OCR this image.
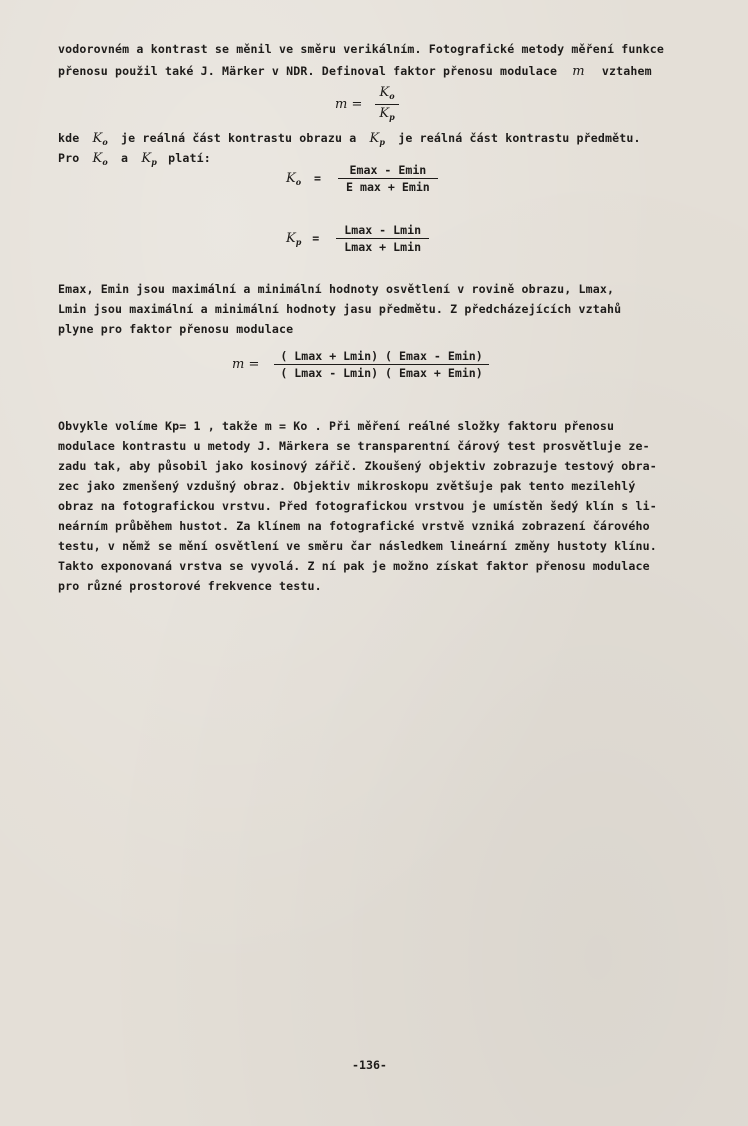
vodorovném a kontrast se měnil ve směru verikálním. Fotografické metody měření funkce
přenosu použil také J. Märker v NDR. Definoval faktor přenosu modulace m vztahem
$m = \frac{K_o}{K_p}$
kde $K_o$ je reálná část kontrastu obrazu a $K_p$ je reálná část kontrastu předmětu.
Pro $K_o$ a $K_p$ platí:
$K_o = \frac{Emax - Emin}{\text{E max + Emin}}$
$K_p = \frac{Lmax - Lmin}{Lmax + Lmin}$
Emax, Emin jsou maximální a minimální hodnoty osvětlení v rovině obrazu, Lmax,
Lmin jsou maximální a minimální hodnoty jasu předmětu. Z předcházejících vztahů
plyne pro faktor přenosu modulace
$m = \frac{( Lmax + Lmin) ( Emax - Emin)}{( Lmax - Lmin) ( Emax + Emin)}$
Obvykle volíme Kp= 1 , takže m = Ko . Při měření reálné složky faktoru přenosu
modulace kontrastu u metody J. Märkera se transparentní čárový test prosvětluje ze-
zadu tak, aby působil jako kosinový zářič. Zkoušený objektiv zobrazuje testový obra-
zec jako zmenšený vzdušný obraz. Objektiv mikroskopu zvětšuje pak tento mezilehlý
obraz na fotografickou vrstvu. Před fotografickou vrstvou je umístěn šedý klín s li-
neárním průběhem hustot. Za klínem na fotografické vrstvě vzniká zobrazení čárového
testu, v němž se mění osvětlení ve směru čar následkem lineární změny hustoty klínu.
Takto exponovaná vrstva se vyvolá. Z ní pak je možno získat faktor přenosu modulace
pro různé prostorové frekvence testu.
-136-
